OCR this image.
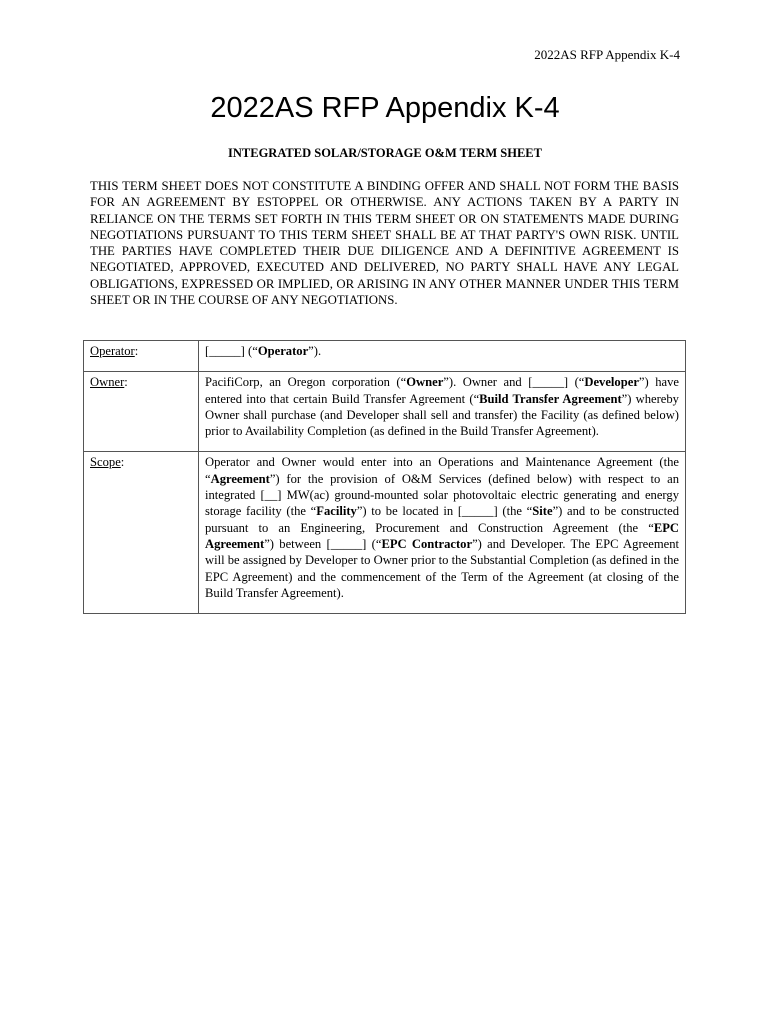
2022AS RFP Appendix K-4
2022AS RFP Appendix K-4
INTEGRATED SOLAR/STORAGE O&M TERM SHEET

THIS TERM SHEET DOES NOT CONSTITUTE A BINDING OFFER AND SHALL NOT FORM THE BASIS FOR AN AGREEMENT BY ESTOPPEL OR OTHERWISE. ANY ACTIONS TAKEN BY A PARTY IN RELIANCE ON THE TERMS SET FORTH IN THIS TERM SHEET OR ON STATEMENTS MADE DURING NEGOTIATIONS PURSUANT TO THIS TERM SHEET SHALL BE AT THAT PARTY'S OWN RISK. UNTIL THE PARTIES HAVE COMPLETED THEIR DUE DILIGENCE AND A DEFINITIVE AGREEMENT IS NEGOTIATED, APPROVED, EXECUTED AND DELIVERED, NO PARTY SHALL HAVE ANY LEGAL OBLIGATIONS, EXPRESSED OR IMPLIED, OR ARISING IN ANY OTHER MANNER UNDER THIS TERM SHEET OR IN THE COURSE OF ANY NEGOTIATIONS.

Operator:	[_____] (“Operator”).
Owner:	PacifiCorp, an Oregon corporation (“Owner”). Owner and [_____] (“Developer”) have entered into that certain Build Transfer Agreement (“Build Transfer Agreement”) whereby Owner shall purchase (and Developer shall sell and transfer) the Facility (as defined below) prior to Availability Completion (as defined in the Build Transfer Agreement).
Scope:	Operator and Owner would enter into an Operations and Maintenance Agreement (the “Agreement”) for the provision of O&M Services (defined below) with respect to an integrated [__] MW(ac) ground-mounted solar photovoltaic electric generating and energy storage facility (the “Facility”) to be located in [_____] (the “Site”) and to be constructed pursuant to an Engineering, Procurement and Construction Agreement (the “EPC Agreement”) between [_____] (“EPC Contractor”) and Developer. The EPC Agreement will be assigned by Developer to Owner prior to the Substantial Completion (as defined in the EPC Agreement) and the commencement of the Term of the Agreement (at closing of the Build Transfer Agreement).
